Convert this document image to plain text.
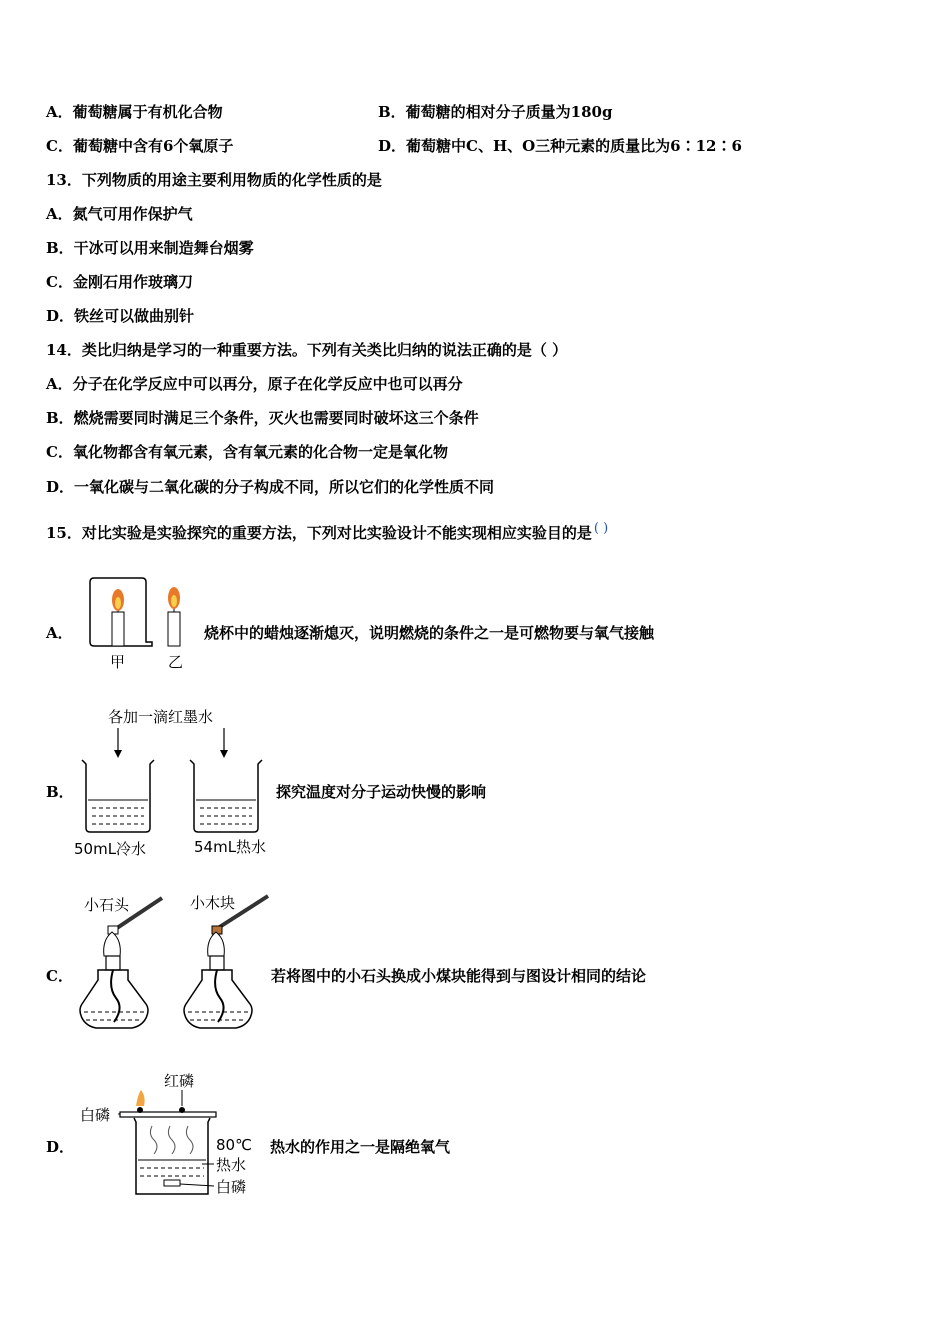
A．葡萄糖属于有机化合物	B．葡萄糖的相对分子质量为180g
C．葡萄糖中含有6个氧原子	D．葡萄糖中C、H、O三种元素的质量比为6∶12∶6
13．下列物质的用途主要利用物质的化学性质的是
A．氮气可用作保护气
B．干冰可以用来制造舞台烟雾
C．金刚石用作玻璃刀
D．铁丝可以做曲别针
14．类比归纳是学习的一种重要方法。下列有关类比归纳的说法正确的是（ ）
A．分子在化学反应中可以再分，原子在化学反应中也可以再分
B．燃烧需要同时满足三个条件，灭火也需要同时破坏这三个条件
C．氧化物都含有氧元素，含有氧元素的化合物一定是氧化物
D．一氧化碳与二氧化碳的分子构成不同，所以它们的化学性质不同
15．对比实验是实验探究的重要方法，下列对比实验设计不能实现相应实验目的是 ( )
A．
甲	乙
烧杯中的蜡烛逐渐熄灭，说明燃烧的条件之一是可燃物要与氧气接触
B．
各加一滴红墨水
50mL冷水	54mL热水
探究温度对分子运动快慢的影响
C．
小石头	小木块
若将图中的小石头换成小煤块能得到与图设计相同的结论
D．
红磷
白磷
80℃
热水
白磷
热水的作用之一是隔绝氧气
